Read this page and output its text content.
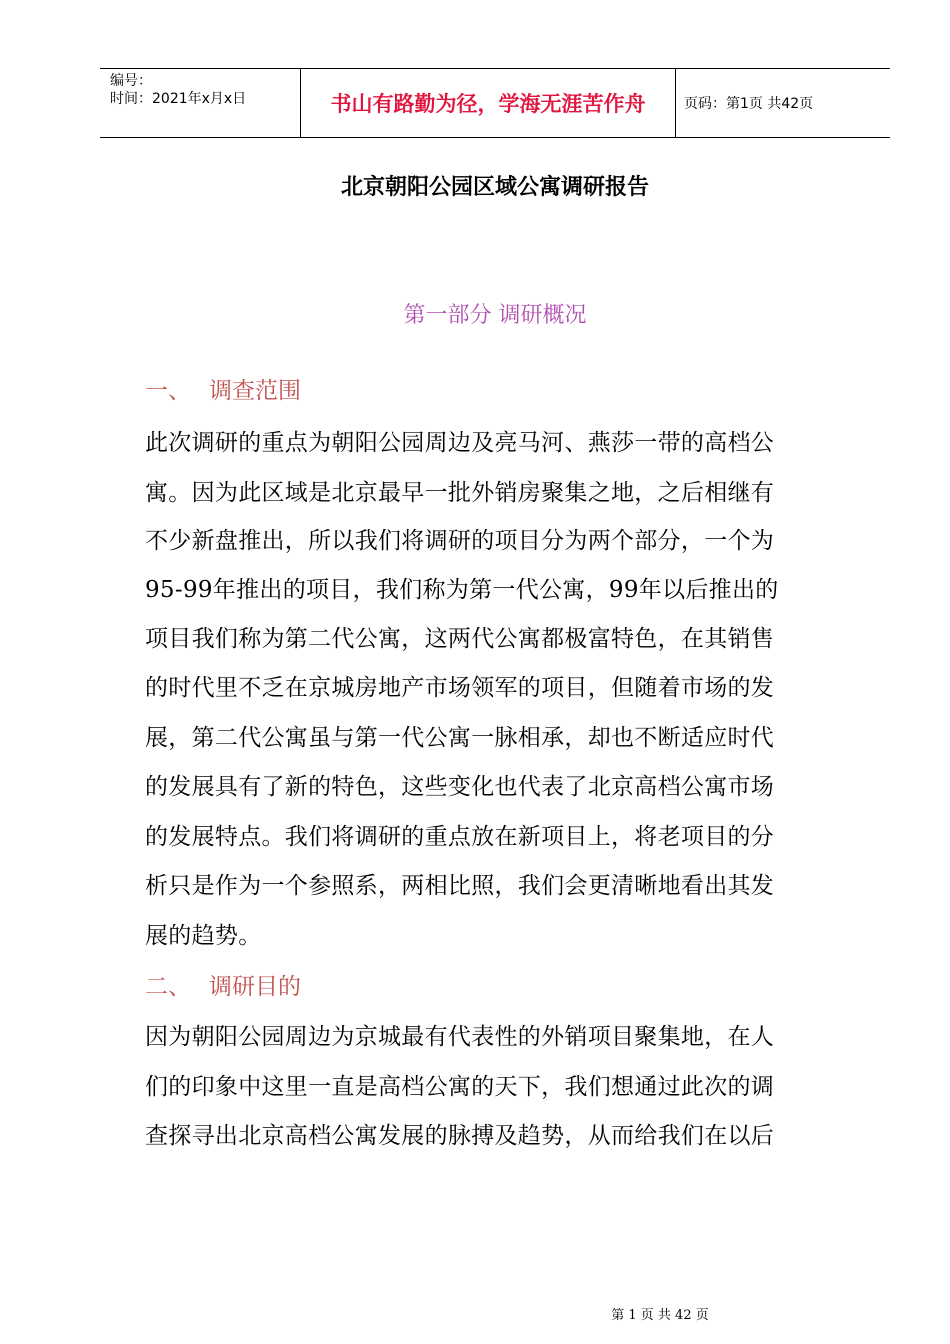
编号：
时间：2021年x月x日	书山有路勤为径，学海无涯苦作舟	页码：第1页 共42页
北京朝阳公园区域公寓调研报告
第一部分 调研概况
一、 调查范围
此次调研的重点为朝阳公园周边及亮马河、燕莎一带的高档公
寓。因为此区域是北京最早一批外销房聚集之地，之后相继有
不少新盘推出，所以我们将调研的项目分为两个部分，一个为
95-99年推出的项目，我们称为第一代公寓，99年以后推出的
项目我们称为第二代公寓，这两代公寓都极富特色，在其销售
的时代里不乏在京城房地产市场领军的项目，但随着市场的发
展，第二代公寓虽与第一代公寓一脉相承，却也不断适应时代
的发展具有了新的特色，这些变化也代表了北京高档公寓市场
的发展特点。我们将调研的重点放在新项目上，将老项目的分
析只是作为一个参照系，两相比照，我们会更清晰地看出其发
展的趋势。
二、 调研目的
因为朝阳公园周边为京城最有代表性的外销项目聚集地，在人
们的印象中这里一直是高档公寓的天下，我们想通过此次的调
查探寻出北京高档公寓发展的脉搏及趋势，从而给我们在以后
第 1 页 共 42 页
